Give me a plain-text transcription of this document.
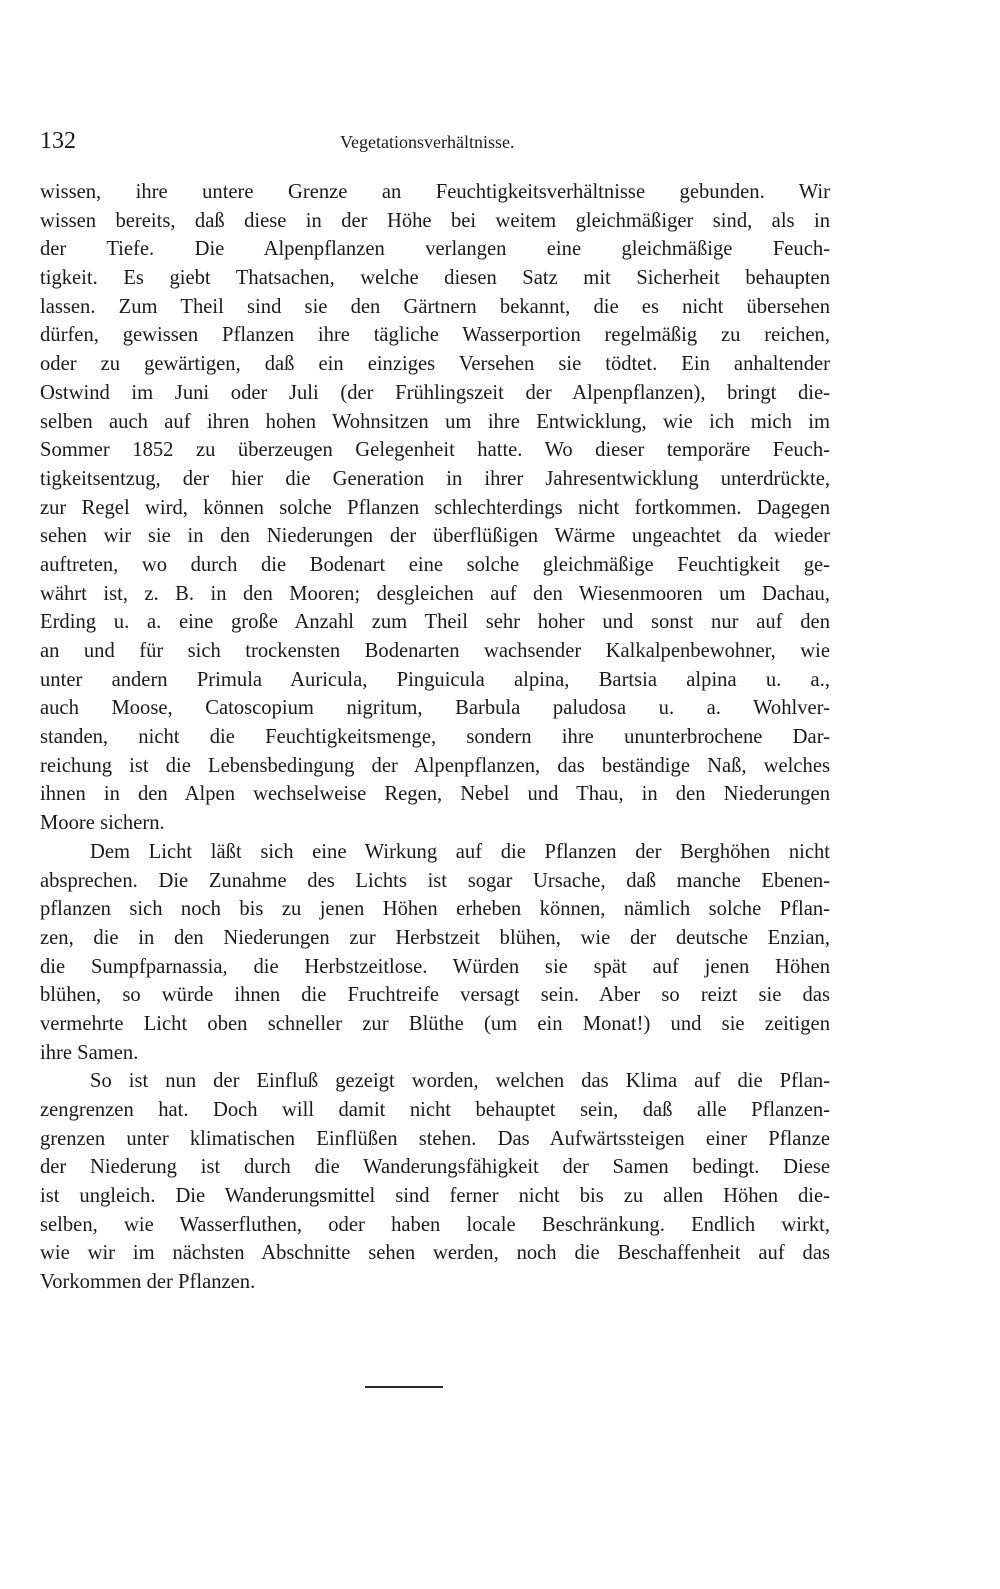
132	Vegetationsverhältnisse.
wissen, ihre untere Grenze an Feuchtigkeitsverhältnisse gebunden. Wir
wissen bereits, daß diese in der Höhe bei weitem gleichmäßiger sind, als in
der Tiefe. Die Alpenpflanzen verlangen eine gleichmäßige Feuch-
tigkeit. Es giebt Thatsachen, welche diesen Satz mit Sicherheit behaupten
lassen. Zum Theil sind sie den Gärtnern bekannt, die es nicht übersehen
dürfen, gewissen Pflanzen ihre tägliche Wasserportion regelmäßig zu reichen,
oder zu gewärtigen, daß ein einziges Versehen sie tödtet. Ein anhaltender
Ostwind im Juni oder Juli (der Frühlingszeit der Alpenpflanzen), bringt die-
selben auch auf ihren hohen Wohnsitzen um ihre Entwicklung, wie ich mich im
Sommer 1852 zu überzeugen Gelegenheit hatte. Wo dieser temporäre Feuch-
tigkeitsentzug, der hier die Generation in ihrer Jahresentwicklung unterdrückte,
zur Regel wird, können solche Pflanzen schlechterdings nicht fortkommen. Dagegen
sehen wir sie in den Niederungen der überflüßigen Wärme ungeachtet da wieder
auftreten, wo durch die Bodenart eine solche gleichmäßige Feuchtigkeit ge-
währt ist, z. B. in den Mooren; desgleichen auf den Wiesenmooren um Dachau,
Erding u. a. eine große Anzahl zum Theil sehr hoher und sonst nur auf den
an und für sich trockensten Bodenarten wachsender Kalkalpenbewohner, wie
unter andern Primula Auricula, Pinguicula alpina, Bartsia alpina u. a.,
auch Moose, Catoscopium nigritum, Barbula paludosa u. a. Wohlver-
standen, nicht die Feuchtigkeitsmenge, sondern ihre ununterbrochene Dar-
reichung ist die Lebensbedingung der Alpenpflanzen, das beständige Naß, welches
ihnen in den Alpen wechselweise Regen, Nebel und Thau, in den Niederungen
Moore sichern.
Dem Licht läßt sich eine Wirkung auf die Pflanzen der Berghöhen nicht
absprechen. Die Zunahme des Lichts ist sogar Ursache, daß manche Ebenen-
pflanzen sich noch bis zu jenen Höhen erheben können, nämlich solche Pflan-
zen, die in den Niederungen zur Herbstzeit blühen, wie der deutsche Enzian,
die Sumpfparnassia, die Herbstzeitlose. Würden sie spät auf jenen Höhen
blühen, so würde ihnen die Fruchtreife versagt sein. Aber so reizt sie das
vermehrte Licht oben schneller zur Blüthe (um ein Monat!) und sie zeitigen
ihre Samen.
So ist nun der Einfluß gezeigt worden, welchen das Klima auf die Pflan-
zengrenzen hat. Doch will damit nicht behauptet sein, daß alle Pflanzen-
grenzen unter klimatischen Einflüßen stehen. Das Aufwärtssteigen einer Pflanze
der Niederung ist durch die Wanderungsfähigkeit der Samen bedingt. Diese
ist ungleich. Die Wanderungsmittel sind ferner nicht bis zu allen Höhen die-
selben, wie Wasserfluthen, oder haben locale Beschränkung. Endlich wirkt,
wie wir im nächsten Abschnitte sehen werden, noch die Beschaffenheit auf das
Vorkommen der Pflanzen.
